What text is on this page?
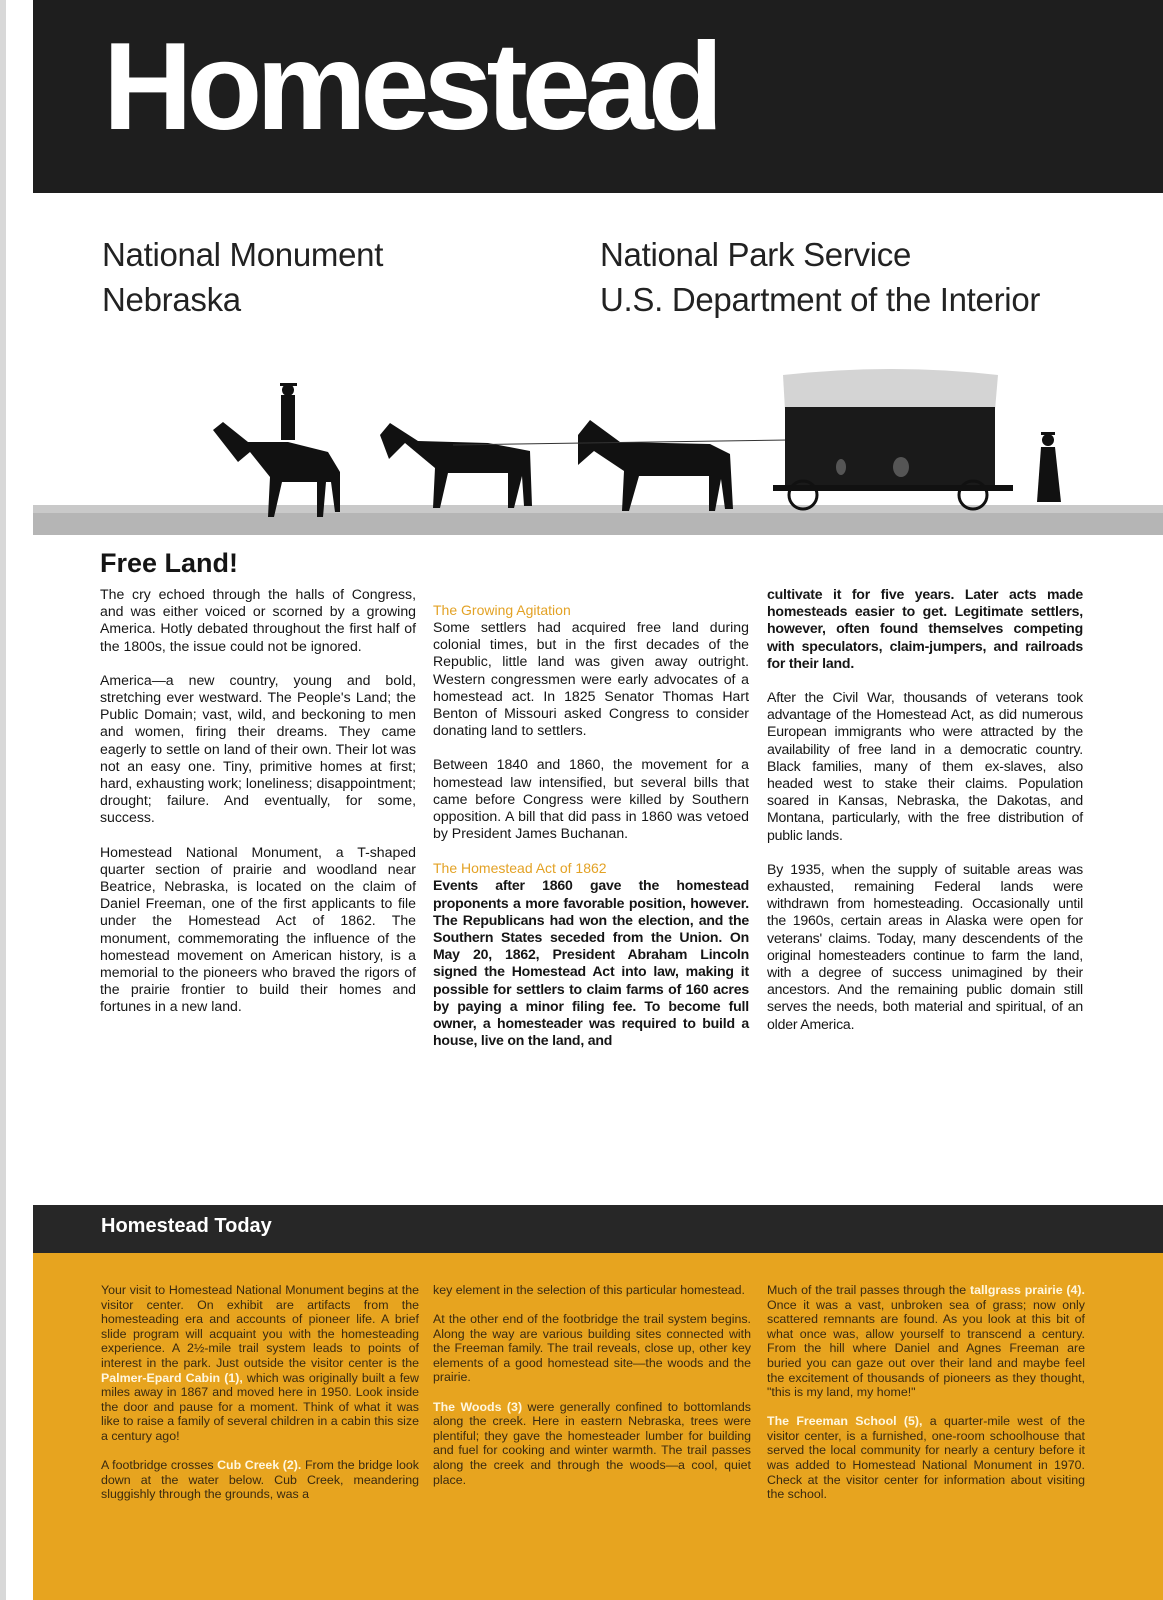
Homestead
National Monument
Nebraska
National Park Service
U.S. Department of the Interior
Free Land!

The cry echoed through the halls of Congress, and was either voiced or scorned by a growing America. Hotly debated throughout the first half of the 1800s, the issue could not be ignored.

America—a new country, young and bold, stretching ever westward. The People's Land; the Public Domain; vast, wild, and beckoning to men and women, firing their dreams. They came eagerly to settle on land of their own. Their lot was not an easy one. Tiny, primitive homes at first; hard, exhausting work; loneliness; disappointment; drought; failure. And eventually, for some, success.

Homestead National Monument, a T-shaped quarter section of prairie and woodland near Beatrice, Nebraska, is located on the claim of Daniel Freeman, one of the first applicants to file under the Homestead Act of 1862. The monument, commemorating the influence of the homestead movement on American history, is a memorial to the pioneers who braved the rigors of the prairie frontier to build their homes and fortunes in a new land.

The Growing Agitation

Some settlers had acquired free land during colonial times, but in the first decades of the Republic, little land was given away outright. Western congressmen were early advocates of a homestead act. In 1825 Senator Thomas Hart Benton of Missouri asked Congress to consider donating land to settlers.

Between 1840 and 1860, the movement for a homestead law intensified, but several bills that came before Congress were killed by Southern opposition. A bill that did pass in 1860 was vetoed by President James Buchanan.

The Homestead Act of 1862

Events after 1860 gave the homestead proponents a more favorable position, however. The Republicans had won the election, and the Southern States seceded from the Union. On May 20, 1862, President Abraham Lincoln signed the Homestead Act into law, making it possible for settlers to claim farms of 160 acres by paying a minor filing fee. To become full owner, a homesteader was required to build a house, live on the land, and

cultivate it for five years. Later acts made homesteads easier to get. Legitimate settlers, however, often found themselves competing with speculators, claim-jumpers, and railroads for their land.

After the Civil War, thousands of veterans took advantage of the Homestead Act, as did numerous European immigrants who were attracted by the availability of free land in a democratic country. Black families, many of them ex-slaves, also headed west to stake their claims. Population soared in Kansas, Nebraska, the Dakotas, and Montana, particularly, with the free distribution of public lands.

By 1935, when the supply of suitable areas was exhausted, remaining Federal lands were withdrawn from homesteading. Occasionally until the 1960s, certain areas in Alaska were open for veterans' claims. Today, many descendents of the original homesteaders continue to farm the land, with a degree of success unimagined by their ancestors. And the remaining public domain still serves the needs, both material and spiritual, of an older America.

Homestead Today

Your visit to Homestead National Monument begins at the visitor center. On exhibit are artifacts from the homesteading era and accounts of pioneer life. A brief slide program will acquaint you with the homesteading experience. A 2½-mile trail system leads to points of interest in the park. Just outside the visitor center is the Palmer-Epard Cabin (1), which was originally built a few miles away in 1867 and moved here in 1950. Look inside the door and pause for a moment. Think of what it was like to raise a family of several children in a cabin this size a century ago!

A footbridge crosses Cub Creek (2). From the bridge look down at the water below. Cub Creek, meandering sluggishly through the grounds, was a

key element in the selection of this particular homestead.

At the other end of the footbridge the trail system begins. Along the way are various building sites connected with the Freeman family. The trail reveals, close up, other key elements of a good homestead site—the woods and the prairie.

The Woods (3) were generally confined to bottomlands along the creek. Here in eastern Nebraska, trees were plentiful; they gave the homesteader lumber for building and fuel for cooking and winter warmth. The trail passes along the creek and through the woods—a cool, quiet place.

Much of the trail passes through the tallgrass prairie (4). Once it was a vast, unbroken sea of grass; now only scattered remnants are found. As you look at this bit of what once was, allow yourself to transcend a century. From the hill where Daniel and Agnes Freeman are buried you can gaze out over their land and maybe feel the excitement of thousands of pioneers as they thought, "this is my land, my home!"

The Freeman School (5), a quarter-mile west of the visitor center, is a furnished, one-room schoolhouse that served the local community for nearly a century before it was added to Homestead National Monument in 1970. Check at the visitor center for information about visiting the school.
